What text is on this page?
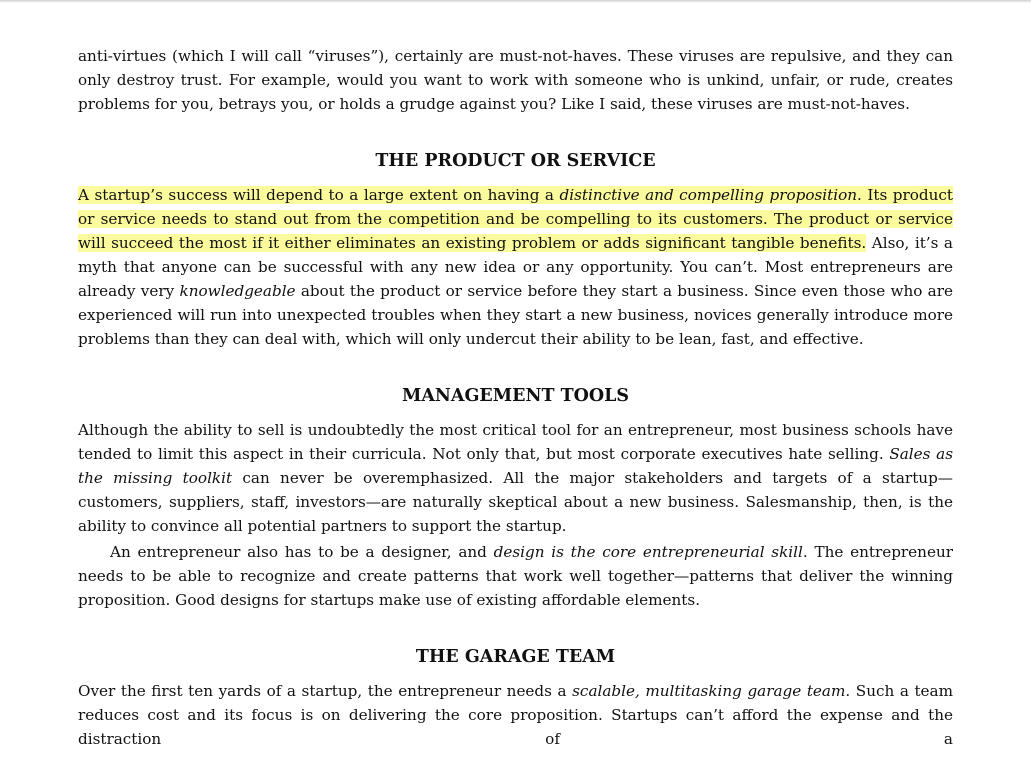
anti-virtues (which I will call “viruses”), certainly are must-not-haves. These viruses are repulsive, and they can only destroy trust. For example, would you want to work with someone who is unkind, unfair, or rude, creates problems for you, betrays you, or holds a grudge against you? Like I said, these viruses are must-not-haves.

THE PRODUCT OR SERVICE

A startup’s success will depend to a large extent on having a distinctive and compelling proposition. Its product or service needs to stand out from the competition and be compelling to its customers. The product or service will succeed the most if it either eliminates an existing problem or adds significant tangible benefits. Also, it’s a myth that anyone can be successful with any new idea or any opportunity. You can’t. Most entrepreneurs are already very knowledgeable about the product or service before they start a business. Since even those who are experienced will run into unexpected troubles when they start a new business, novices generally introduce more problems than they can deal with, which will only undercut their ability to be lean, fast, and effective.

MANAGEMENT TOOLS

Although the ability to sell is undoubtedly the most critical tool for an entrepreneur, most business schools have tended to limit this aspect in their curricula. Not only that, but most corporate executives hate selling. Sales as the missing toolkit can never be overemphasized. All the major stakeholders and targets of a startup—customers, suppliers, staff, investors—are naturally skeptical about a new business. Salesmanship, then, is the ability to convince all potential partners to support the startup.

An entrepreneur also has to be a designer, and design is the core entrepreneurial skill. The entrepreneur needs to be able to recognize and create patterns that work well together—patterns that deliver the winning proposition. Good designs for startups make use of existing affordable elements.

THE GARAGE TEAM

Over the first ten yards of a startup, the entrepreneur needs a scalable, multitasking garage team. Such a team reduces cost and its focus is on delivering the core proposition. Startups can’t afford the expense and the distraction of a
